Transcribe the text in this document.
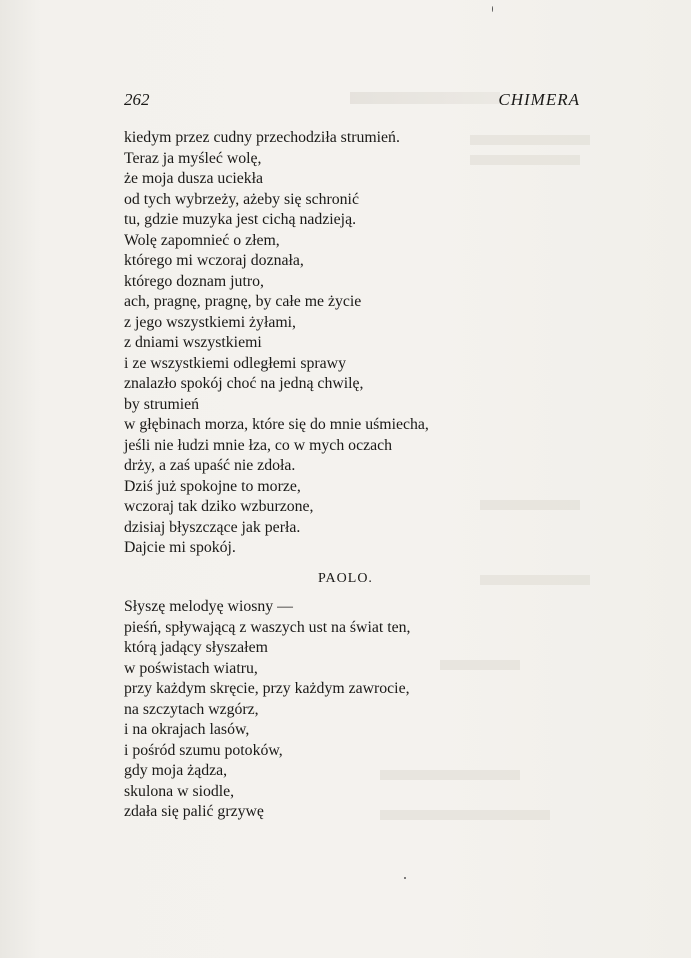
262	CHIMERA
kiedym przez cudny przechodziła strumień.
Teraz ja myśleć wolę,
że moja dusza uciekła
od tych wybrzeży, ażeby się schronić
tu, gdzie muzyka jest cichą nadzieją.
Wolę zapomnieć o złem,
którego mi wczoraj doznała,
którego doznam jutro,
ach, pragnę, pragnę, by całe me życie
z jego wszystkiemi żyłami,
z dniami wszystkiemi
i ze wszystkiemi odległemi sprawy
znalazło spokój choć na jedną chwilę,
by strumień
w głębinach morza, które się do mnie uśmiecha,
jeśli nie łudzi mnie łza, co w mych oczach
drży, a zaś upaść nie zdoła.
Dziś już spokojne to morze,
wczoraj tak dziko wzburzone,
dzisiaj błyszczące jak perła.
Dajcie mi spokój.
PAOLO.
Słyszę melodyę wiosny —
pieśń, spływającą z waszych ust na świat ten,
którą jadący słyszałem
w poświstach wiatru,
przy każdym skręcie, przy każdym zawrocie,
na szczytach wzgórz,
i na okrajach lasów,
i pośród szumu potoków,
gdy moja żądza,
skulona w siodle,
zdała się palić grzywę
